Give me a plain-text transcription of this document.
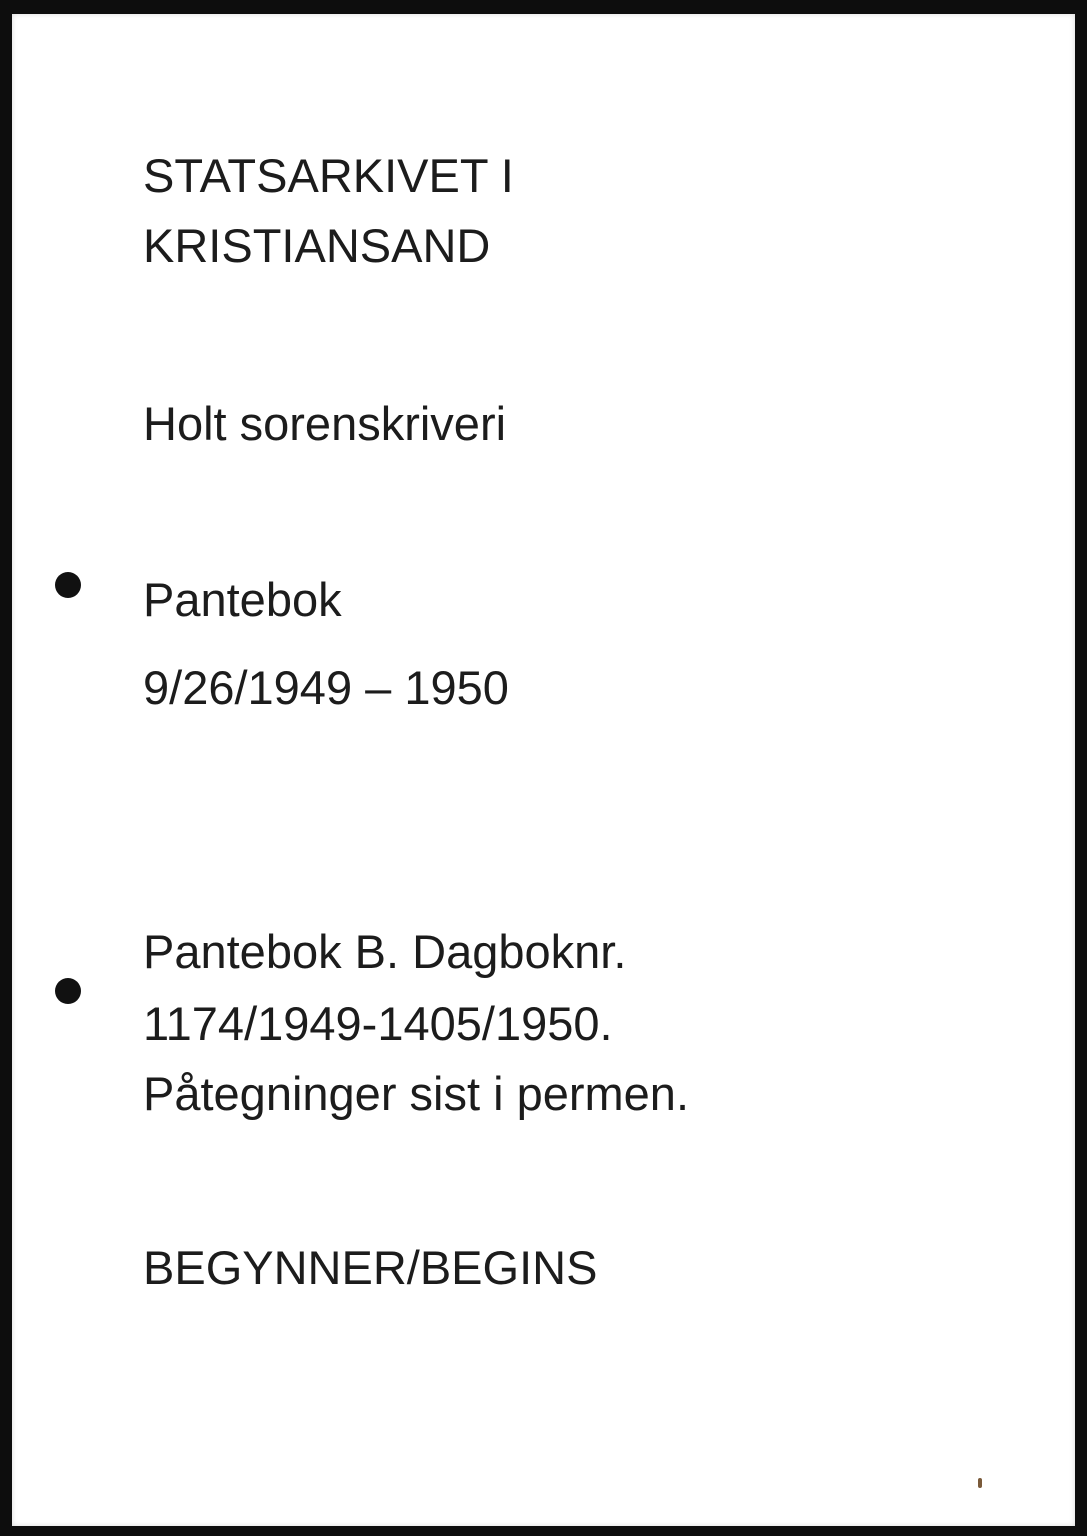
STATSARKIVET I
KRISTIANSAND

Holt sorenskriveri

Pantebok

9/26/1949 – 1950

Pantebok B. Dagboknr.

1174/1949-1405/1950.

Påtegninger sist i permen.

BEGYNNER/BEGINS
